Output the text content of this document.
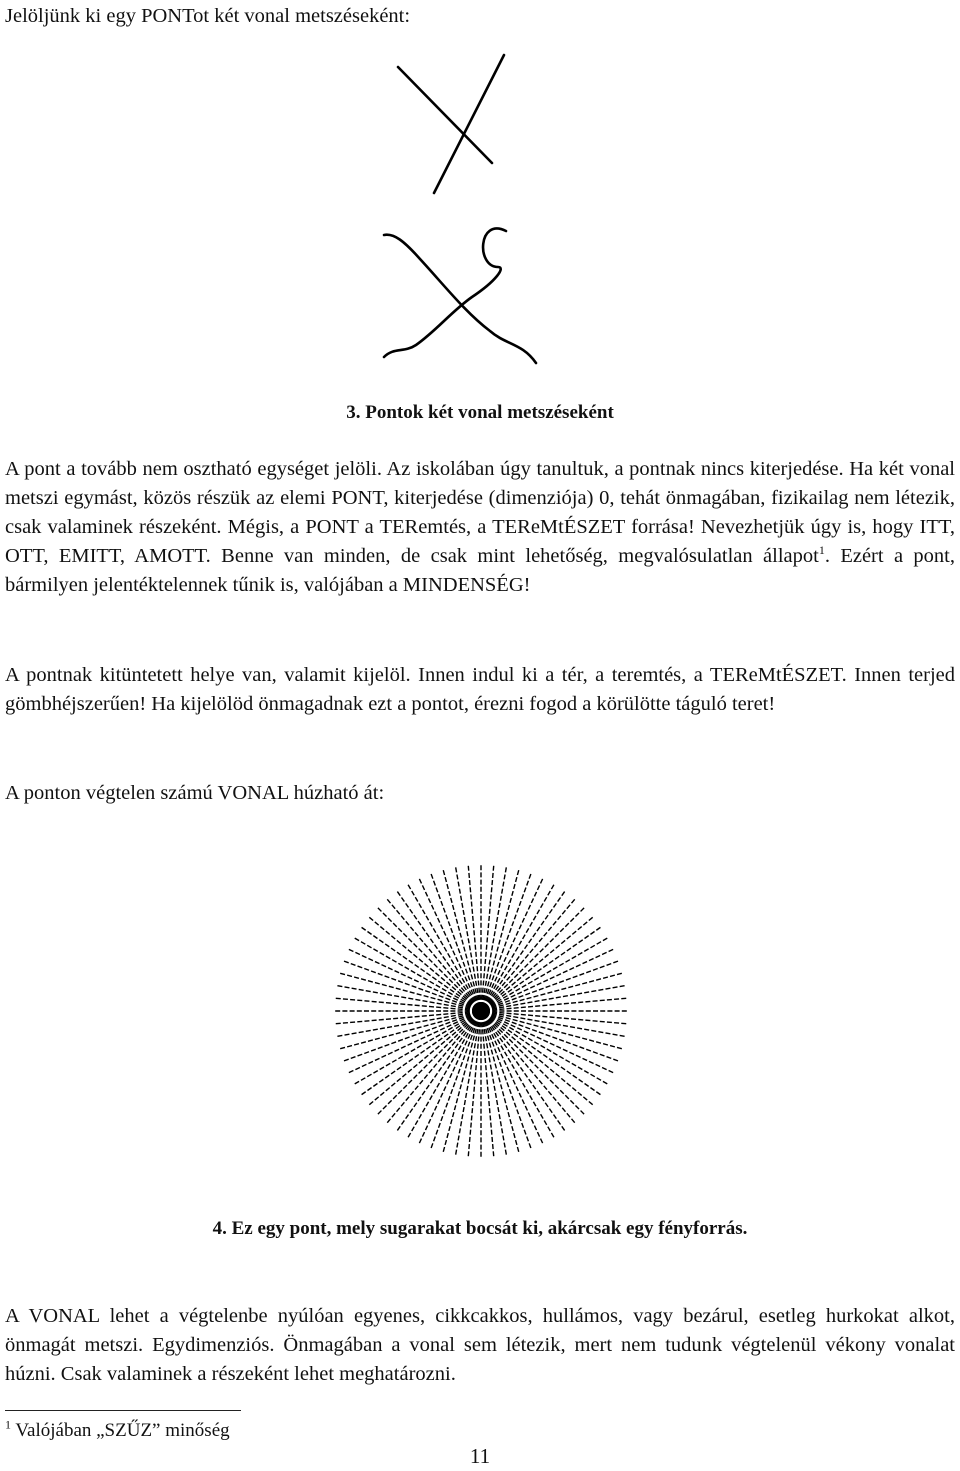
Jelöljünk ki egy PONTot két vonal metszéseként:

3. Pontok két vonal metszéseként

A pont a tovább nem osztható egységet jelöli. Az iskolában úgy tanultuk, a pontnak nincs kiterjedése. Ha két vonal metszi egymást, közös részük az elemi PONT, kiterjedése (dimenziója) 0, tehát önmagában, fizikailag nem létezik, csak valaminek részeként. Mégis, a PONT a TERemtés, a TEReMtÉSZET forrása! Nevezhetjük úgy is, hogy ITT, OTT, EMITT, AMOTT. Benne van minden, de csak mint lehetőség, megvalósulatlan állapot$^1$. Ezért a pont, bármilyen jelentéktelennek tűnik is, valójában a MINDENSÉG!

A pontnak kitüntetett helye van, valamit kijelöl. Innen indul ki a tér, a teremtés, a TEReMtÉSZET. Innen terjed gömbhéjszerűen! Ha kijelölöd önmagadnak ezt a pontot, érezni fogod a körülötte táguló teret!

A ponton végtelen számú VONAL húzható át:

4. Ez egy pont, mely sugarakat bocsát ki, akárcsak egy fényforrás.

A VONAL lehet a végtelenbe nyúlóan egyenes, cikkcakkos, hullámos, vagy bezárul, esetleg hurkokat alkot, önmagát metszi. Egydimenziós. Önmagában a vonal sem létezik, mert nem tudunk végtelenül vékony vonalat húzni. Csak valaminek a részeként lehet meghatározni.

$^1$ Valójában „SZŰZ” minőség

11
